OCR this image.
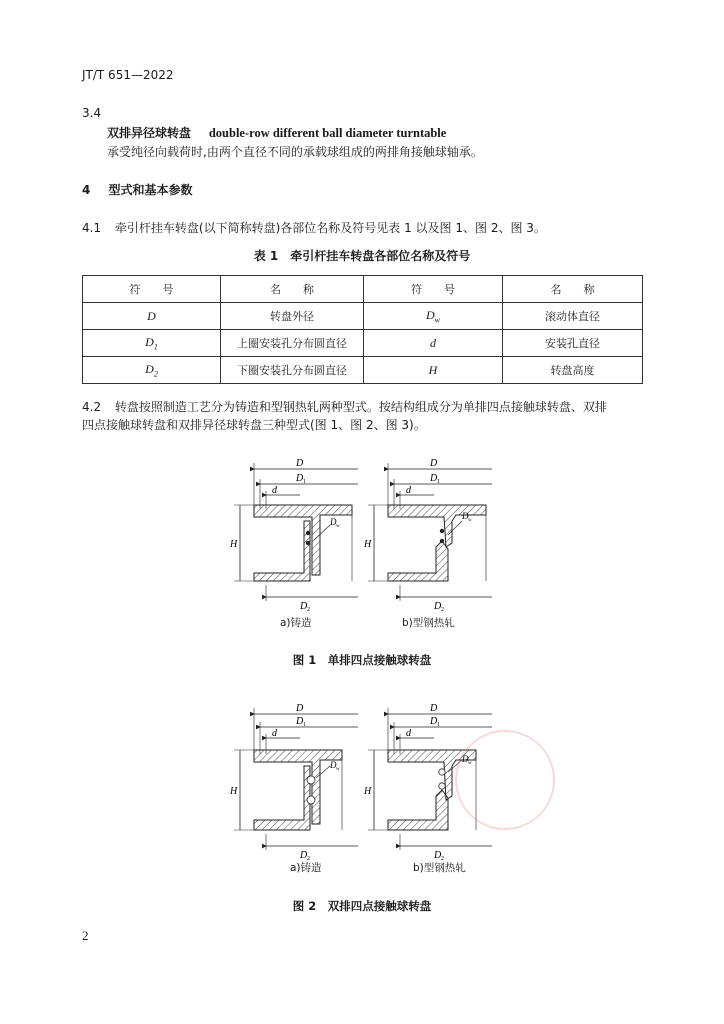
JT/T 651—2022
3.4
双排异径球转盘 double-row different ball diameter turntable
承受纯径向载荷时,由两个直径不同的承载球组成的两排角接触球轴承。
4 型式和基本参数
4.1 牵引杆挂车转盘(以下简称转盘)各部位名称及符号见表 1 以及图 1、图 2、图 3。
表 1　牵引杆挂车转盘各部位名称及符号
符　　号	名　　称	符　　号	名　　称
D	转盘外径	$D_w$	滚动体直径
$D_1$	上圈安装孔分布圆直径	d	安装孔直径
$D_2$	下圈安装孔分布圆直径	H	转盘高度
4.2 转盘按照制造工艺分为铸造和型钢热轧两种型式。按结构组成分为单排四点接触球转盘、双排
四点接触球转盘和双排异径球转盘三种型式(图 1、图 2、图 3)。
D
D 1
d
H
D w
D 2
a)铸造
D
D 1
d
H
D w
D 2
b)型钢热轧
图 1　单排四点接触球转盘
D
D 1
d
H
D w
D 2
a)铸造
D
D 1
d
H
D w
D 2
b)型钢热轧
图 2　双排四点接触球转盘
2
